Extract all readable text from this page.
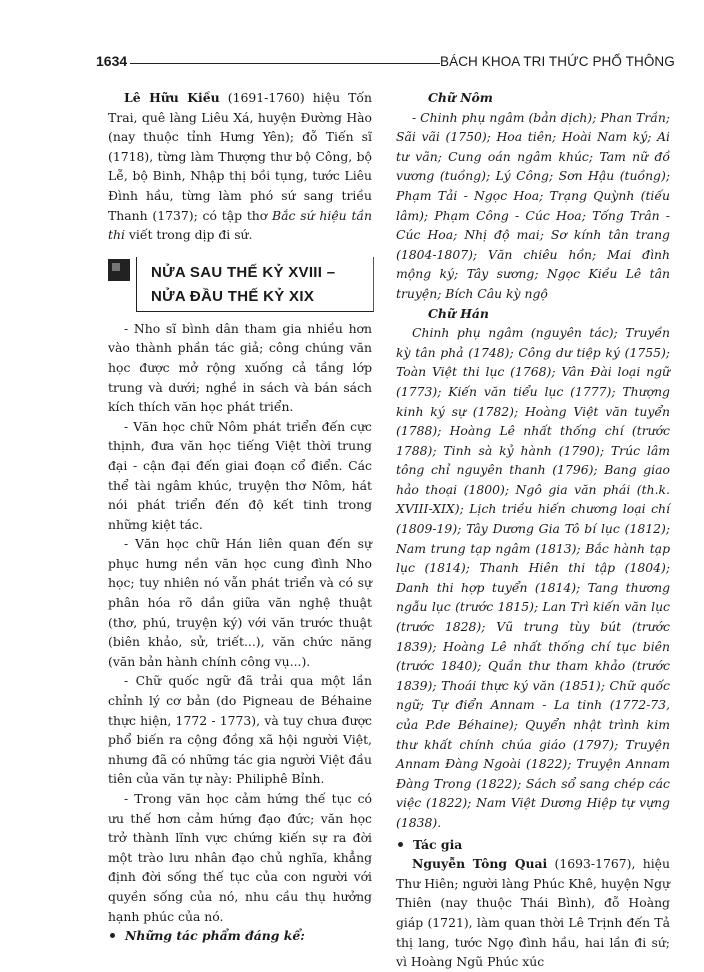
1634	BÁCH KHOA TRI THỨC PHỔ THÔNG

Lê Hữu Kiều (1691-1760) hiệu Tốn Trai, quê làng Liêu Xá, huyện Đường Hào (nay thuộc tỉnh Hưng Yên); đỗ Tiến sĩ (1718), từng làm Thượng thư bộ Công, bộ Lễ, bộ Binh, Nhập thị bồi tụng, tước Liêu Đình hầu, từng làm phó sứ sang triều Thanh (1737); có tập thơ Bắc sứ hiệu tần thi viết trong dịp đi sứ.

NỬA SAU THẾ KỶ XVIII –
NỬA ĐẦU THẾ KỶ XIX

- Nho sĩ bình dân tham gia nhiều hơn vào thành phần tác giả; công chúng văn học được mở rộng xuống cả tầng lớp trung và dưới; nghề in sách và bán sách kích thích văn học phát triển.

- Văn học chữ Nôm phát triển đến cực thịnh, đưa văn học tiếng Việt thời trung đại - cận đại đến giai đoạn cổ điển. Các thể tài ngâm khúc, truyện thơ Nôm, hát nói phát triển đến độ kết tinh trong những kiệt tác.

- Văn học chữ Hán liên quan đến sự phục hưng nền văn học cung đình Nho học; tuy nhiên nó vẫn phát triển và có sự phân hóa rõ dần giữa văn nghệ thuật (thơ, phú, truyện ký) với văn trước thuật (biên khảo, sử, triết...), văn chức năng (văn bản hành chính công vụ...).

- Chữ quốc ngữ đã trải qua một lần chỉnh lý cơ bản (do Pigneau de Béhaine thực hiện, 1772 - 1773), và tuy chưa được phổ biến ra cộng đồng xã hội người Việt, nhưng đã có những tác gia người Việt đầu tiên của văn tự này: Philiphê Bỉnh.

- Trong văn học cảm hứng thế tục có ưu thế hơn cảm hứng đạo đức; văn học trở thành lĩnh vực chứng kiến sự ra đời một trào lưu nhân đạo chủ nghĩa, khẳng định đời sống thế tục của con người với quyền sống của nó, nhu cầu thụ hưởng hạnh phúc của nó.

Những tác phẩm đáng kể:

Chữ Nôm

- Chinh phụ ngâm (bản dịch); Phan Trần; Sãi vãi (1750); Hoa tiên; Hoài Nam ký; Ai tư vãn; Cung oán ngâm khúc; Tam nữ đồ vương (tuồng); Lý Công; Sơn Hậu (tuồng); Phạm Tải - Ngọc Hoa; Trạng Quỳnh (tiếu lâm); Phạm Công - Cúc Hoa; Tống Trân - Cúc Hoa; Nhị độ mai; Sơ kính tân trang (1804-1807); Văn chiêu hồn; Mai đình mộng ký; Tây sương; Ngọc Kiều Lê tân truyện; Bích Câu kỳ ngộ

Chữ Hán

Chinh phụ ngâm (nguyên tác); Truyền kỳ tân phả (1748); Công dư tiệp ký (1755); Toàn Việt thi lục (1768); Vân Đài loại ngữ (1773); Kiến văn tiểu lục (1777); Thượng kinh ký sự (1782); Hoàng Việt văn tuyển (1788); Hoàng Lê nhất thống chí (trước 1788); Tinh sà kỷ hành (1790); Trúc lâm tông chỉ nguyên thanh (1796); Bang giao hảo thoại (1800); Ngô gia văn phái (th.k. XVIII-XIX); Lịch triều hiến chương loại chí (1809-19); Tây Dương Gia Tô bí lục (1812); Nam trung tạp ngâm (1813); Bắc hành tạp lục (1814); Thanh Hiên thi tập (1804); Danh thi hợp tuyển (1814); Tang thương ngẫu lục (trước 1815); Lan Trì kiến văn lục (trước 1828); Vũ trung tùy bút (trước 1839); Hoàng Lê nhất thống chí tục biên (trước 1840); Quần thư tham khảo (trước 1839); Thoái thực ký văn (1851); Chữ quốc ngữ; Tự điển Annam - La tinh (1772-73, của P.de Béhaine); Quyển nhật trình kim thư khất chính chúa giáo (1797); Truyện Annam Đàng Ngoài (1822); Truyện Annam Đàng Trong (1822); Sách sổ sang chép các việc (1822); Nam Việt Dương Hiệp tự vựng (1838).

Tác gia

Nguyễn Tông Quai (1693-1767), hiệu Thư Hiên; người làng Phúc Khê, huyện Ngự Thiên (nay thuộc Thái Bình), đỗ Hoàng giáp (1721), làm quan thời Lê Trịnh đến Tả thị lang, tước Ngọ đình hầu, hai lần đi sứ; vì Hoàng Ngũ Phúc xúc
